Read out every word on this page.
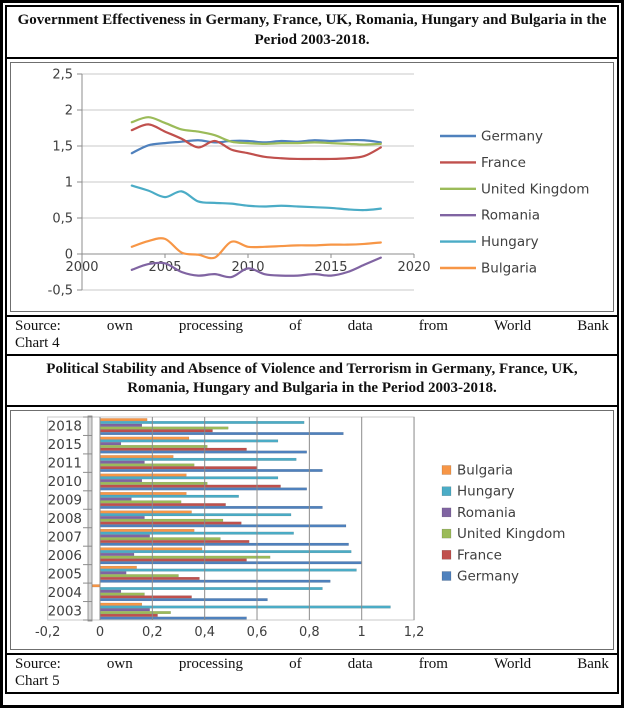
Government Effectiveness in Germany, France, UK, Romania, Hungary and Bulgaria in the Period 2003-2018.
-0,5
0
0,5
1
1,5
2
2,5
2000	2005	2010	2015	2020
Germany
France
United Kingdom
Romania
Hungary
Bulgaria
Source:	own	processing	of	data	from	World	Bank
Chart 4
Political Stability and Absence of Violence and Terrorism in Germany, France, UK, Romania, Hungary and Bulgaria in the Period 2003-2018.
-0,2	0	0,2 0,4 0,6 0,8	1	1,2
2018
2015
2011
2010
2009
2008
2007
2006
2005
2004
2003
Bulgaria
Hungary
Romania
United Kingdom
France
Germany
Source:	own	processing	of	data	from	World	Bank
Chart 5
